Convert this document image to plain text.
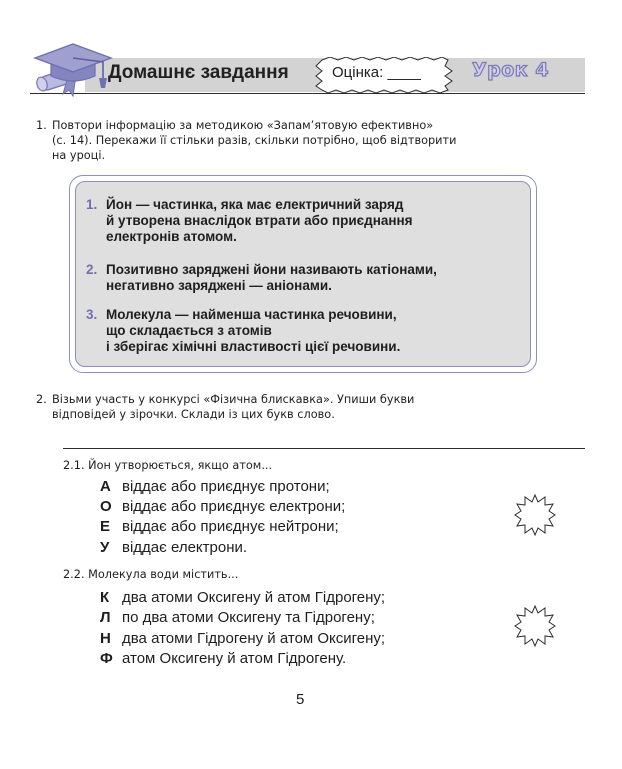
Домашнє завдання	Оцінка: ____	Урок 4
1. Повтори інформацію за методикою «Запам’ятовую ефективно»
(с. 14). Перекажи її стільки разів, скільки потрібно, щоб відтворити
на уроці.
1. Йон — частинка, яка має електричний заряд
й утворена внаслідок втрати або приєднання
електронів атомом.
2. Позитивно заряджені йони називають катіонами,
негативно заряджені — аніонами.
3. Молекула — найменша частинка речовини,
що складається з атомів
і зберігає хімічні властивості цієї речовини.
2. Візьми участь у конкурсі «Фізична блискавка». Упиши букви
відповідей у зірочки. Склади із цих букв слово.
2.1. Йон утворюється, якщо атом...
А віддає або приєднує протони;
О віддає або приєднує електрони;
Е віддає або приєднує нейтрони;
У віддає електрони.
2.2. Молекула води містить...
К два атоми Оксигену й атом Гідрогену;
Л по два атоми Оксигену та Гідрогену;
Н два атоми Гідрогену й атом Оксигену;
Ф атом Оксигену й атом Гідрогену.
5
